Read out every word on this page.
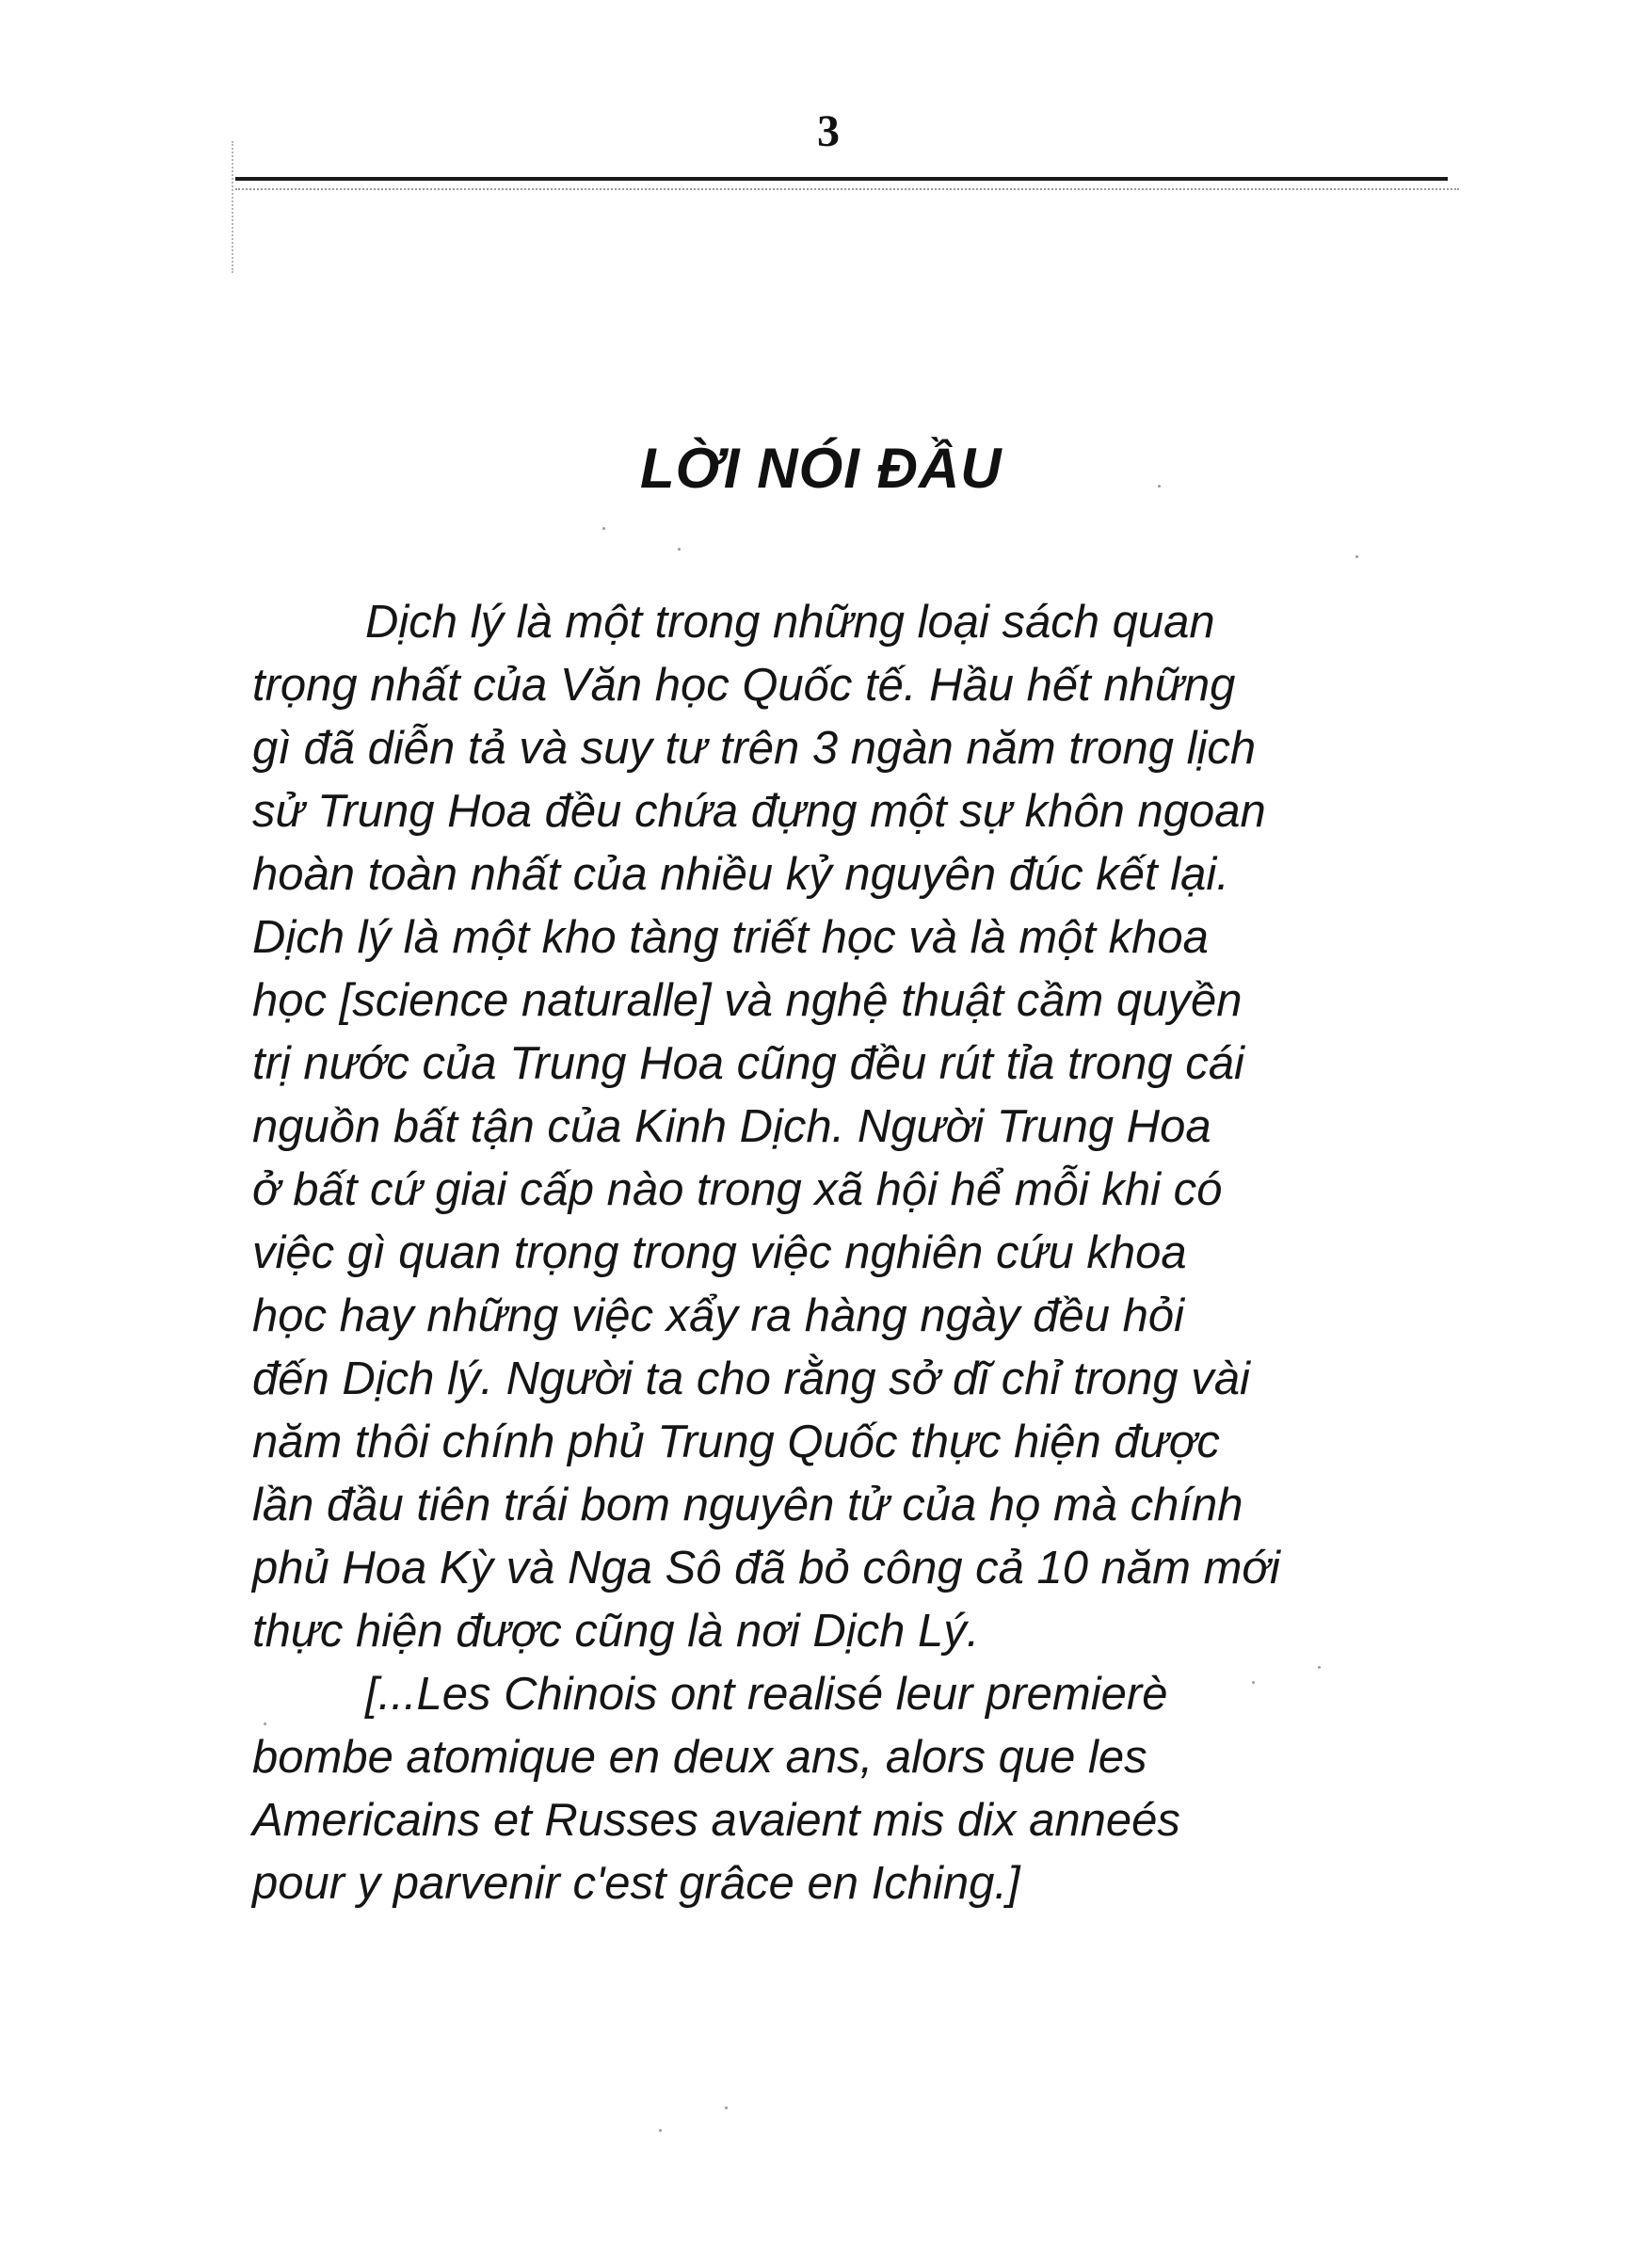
3
LỜI NÓI ĐẦU
Dịch lý là một trong những loại sách quan
trọng nhất của Văn học Quốc tế. Hầu hết những
gì đã diễn tả và suy tư trên 3 ngàn năm trong lịch
sử Trung Hoa đều chứa đựng một sự khôn ngoan
hoàn toàn nhất của nhiều kỷ nguyên đúc kết lại.
Dịch lý là một kho tàng triết học và là một khoa
học [science naturalle] và nghệ thuật cầm quyền
trị nước của Trung Hoa cũng đều rút tỉa trong cái
nguồn bất tận của Kinh Dịch. Người Trung Hoa
ở bất cứ giai cấp nào trong xã hội hể mỗi khi có
việc gì quan trọng trong việc nghiên cứu khoa
học hay những việc xẩy ra hàng ngày đều hỏi
đến Dịch lý. Người ta cho rằng sở dĩ chỉ trong vài
năm thôi chính phủ Trung Quốc thực hiện được
lần đầu tiên trái bom nguyên tử của họ mà chính
phủ Hoa Kỳ và Nga Sô đã bỏ công cả 10 năm mới
thực hiện được cũng là nơi Dịch Lý.
[...Les Chinois ont realisé leur premierè
bombe atomique en deux ans, alors que les
Americains et Russes avaient mis dix anneés
pour y parvenir c'est grâce en Iching.]
